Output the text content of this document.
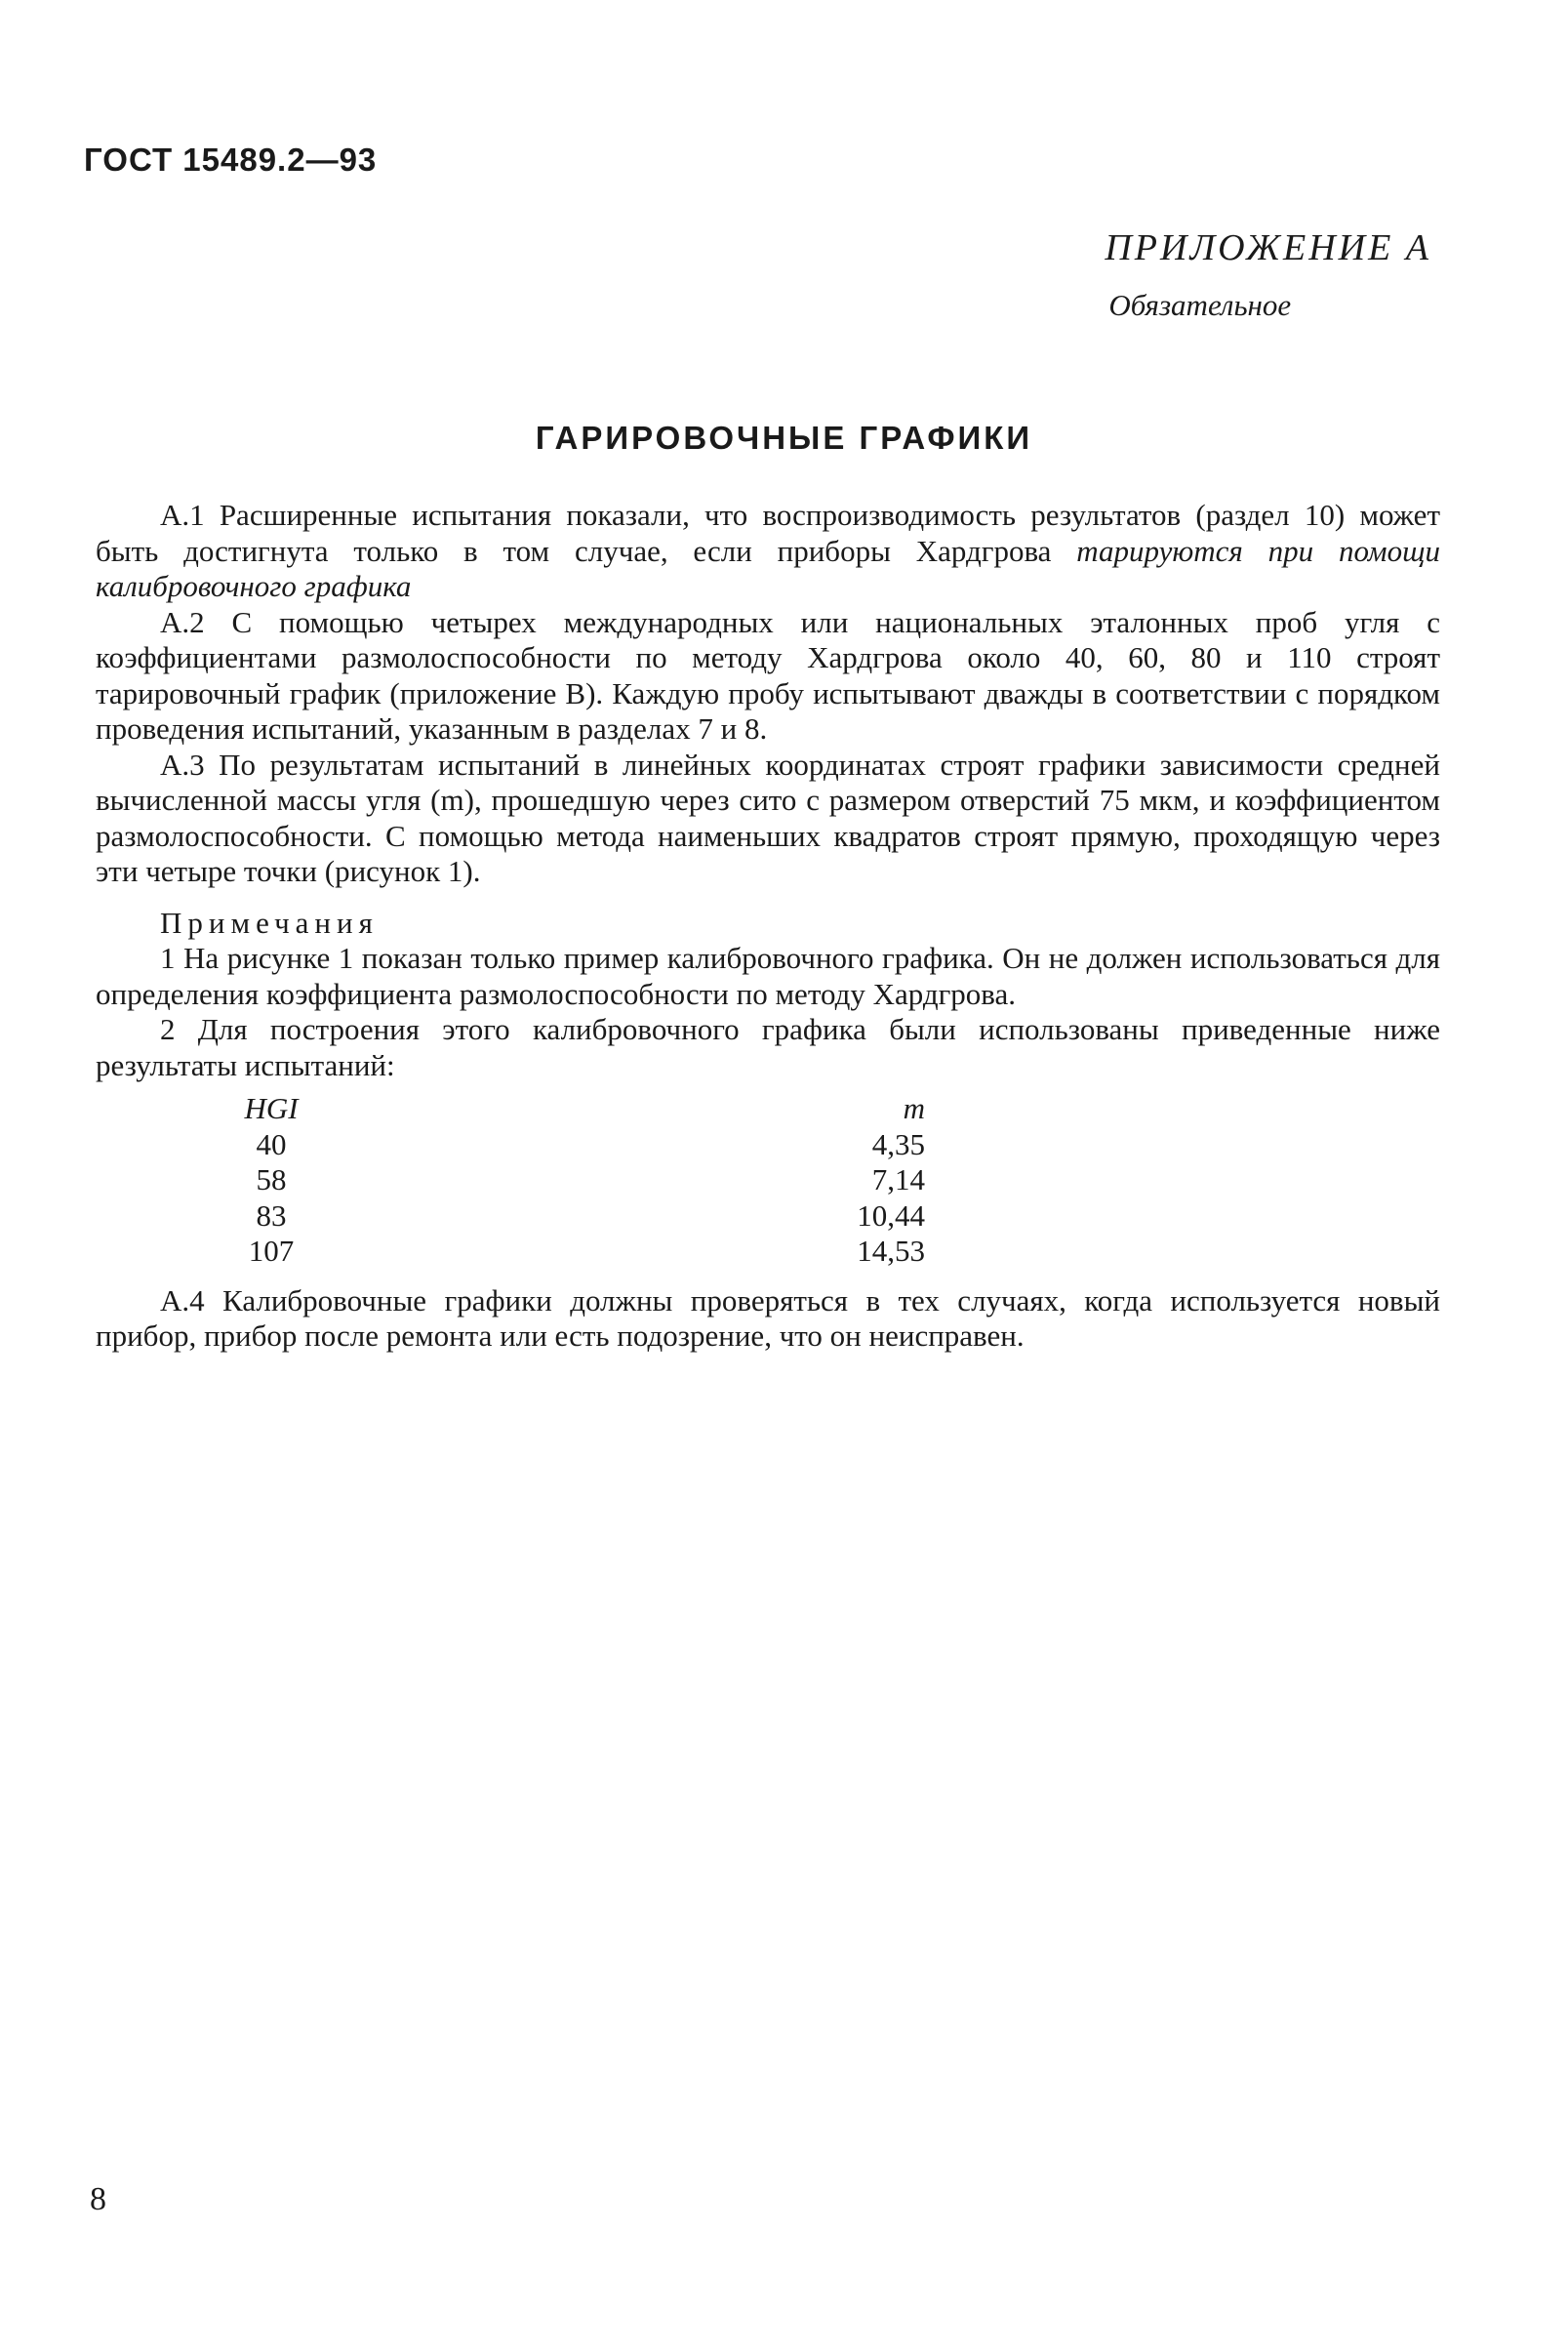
ГОСТ 15489.2—93
ПРИЛОЖЕНИЕ А
Обязательное
ГАРИРОВОЧНЫЕ ГРАФИКИ

А.1 Расширенные испытания показали, что воспроизводимость результатов (раздел 10) может быть достигнута только в том случае, если приборы Хардгрова тарируются при помощи калибровочного графика

А.2 С помощью четырех международных или национальных эталонных проб угля с коэффициентами размолоспособности по методу Хардгрова около 40, 60, 80 и 110 строят тарировочный график (приложение В). Каждую пробу испытывают дважды в соответствии с порядком проведения испытаний, указанным в разделах 7 и 8.

А.3 По результатам испытаний в линейных координатах строят графики зависимости средней вычисленной массы угля (m), прошедшую через сито с размером отверстий 75 мкм, и коэффициентом размолоспособности. С помощью метода наименьших квадратов строят прямую, проходящую через эти четыре точки (рисунок 1).

Примечания

1 На рисунке 1 показан только пример калибровочного графика. Он не должен использоваться для определения коэффициента размолоспособности по методу Хардгрова.

2 Для построения этого калибровочного графика были использованы приведенные ниже результаты испытаний:

HGI	m
40	4,35
58	7,14
83	10,44
107	14,53

А.4 Калибровочные графики должны проверяться в тех случаях, когда используется новый прибор, прибор после ремонта или есть подозрение, что он неисправен.

8
